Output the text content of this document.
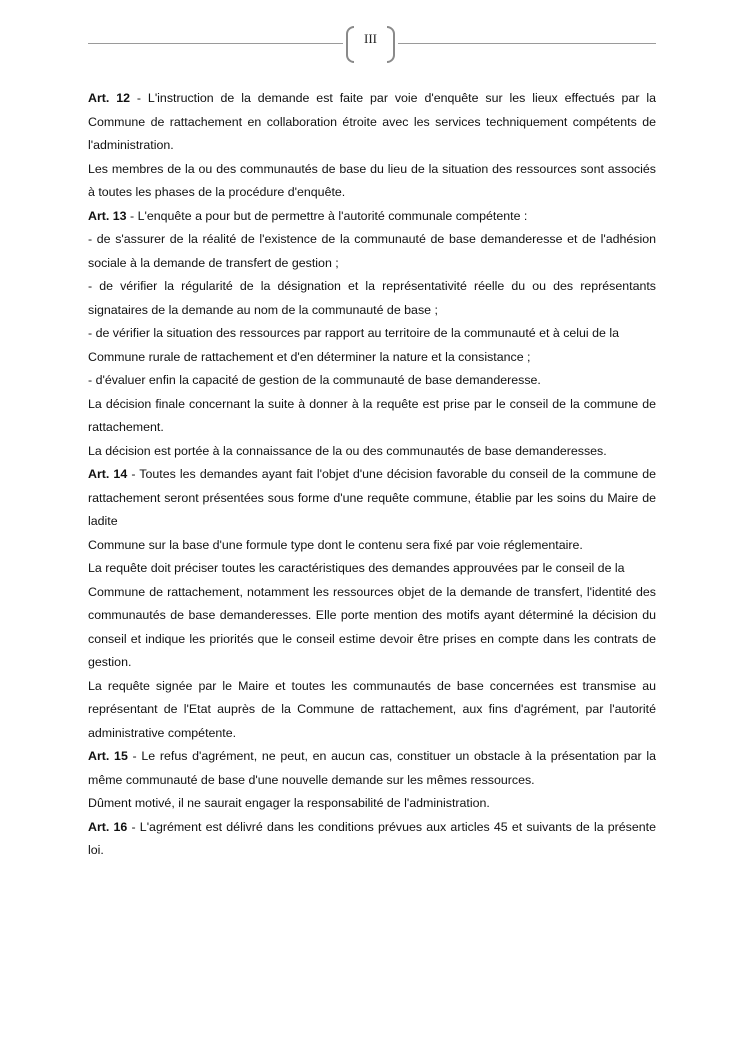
III

Art. 12 - L'instruction de la demande est faite par voie d'enquête sur les lieux effectués par la Commune de rattachement en collaboration étroite avec les services techniquement compétents de l'administration.

Les membres de la ou des communautés de base du lieu de la situation des ressources sont associés à toutes les phases de la procédure d'enquête.

Art. 13 - L'enquête a pour but de permettre à l'autorité communale compétente :

- de s'assurer de la réalité de l'existence de la communauté de base demanderesse et de l'adhésion sociale à la demande de transfert de gestion ;

- de vérifier la régularité de la désignation et la représentativité réelle du ou des représentants signataires de la demande au nom de la communauté de base ;

- de vérifier la situation des ressources par rapport au territoire de la communauté et à celui de la

Commune rurale de rattachement et d'en déterminer la nature et la consistance ;

- d'évaluer enfin la capacité de gestion de la communauté de base demanderesse.

La décision finale concernant la suite à donner à la requête est prise par le conseil de la commune de rattachement.

La décision est portée à la connaissance de la ou des communautés de base demanderesses.

Art. 14 - Toutes les demandes ayant fait l'objet d'une décision favorable du conseil de la commune de rattachement seront présentées sous forme d'une requête commune, établie par les soins du Maire de ladite

Commune sur la base d'une formule type dont le contenu sera fixé par voie réglementaire.

La requête doit préciser toutes les caractéristiques des demandes approuvées par le conseil de la

Commune de rattachement, notamment les ressources objet de la demande de transfert, l'identité des communautés de base demanderesses. Elle porte mention des motifs ayant déterminé la décision du conseil et indique les priorités que le conseil estime devoir être prises en compte dans les contrats de gestion.

La requête signée par le Maire et toutes les communautés de base concernées est transmise au représentant de l'Etat auprès de la Commune de rattachement, aux fins d'agrément, par l'autorité administrative compétente.

Art. 15 - Le refus d'agrément, ne peut, en aucun cas, constituer un obstacle à la présentation par la même communauté de base d'une nouvelle demande sur les mêmes ressources.

Dûment motivé, il ne saurait engager la responsabilité de l'administration.

Art. 16 - L'agrément est délivré dans les conditions prévues aux articles 45 et suivants de la présente loi.
